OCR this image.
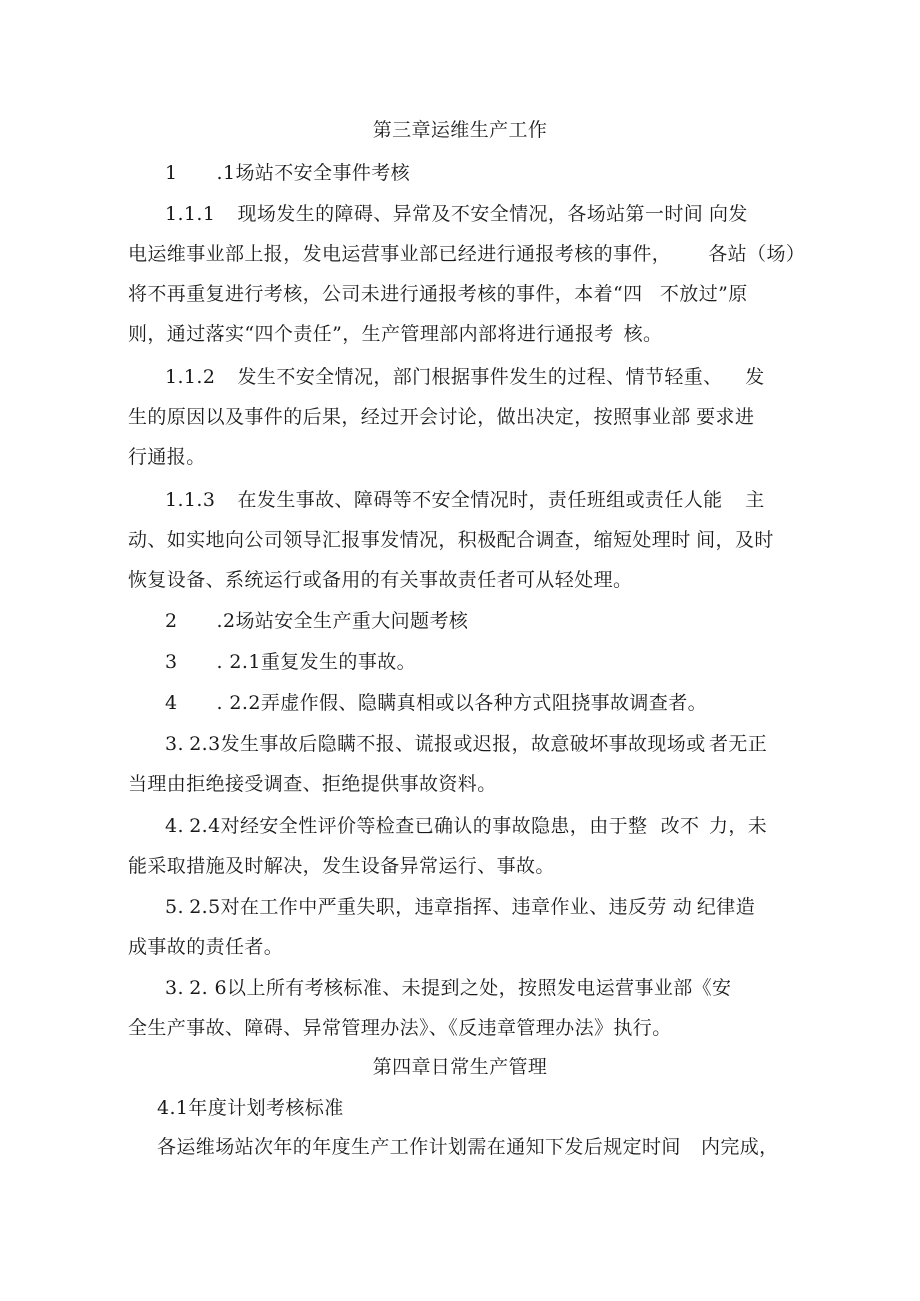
第三章运维生产工作
1	.1场站不安全事件考核
1.1.1	现场发生的障碍、异常及不安全情况，各场站第一时间	向发
电运维事业部上报，发电运营事业部已经进行通报考核的事件，	各站（场）
将不再重复进行考核，公司未进行通报考核的事件，本着“四	不放过”原
则，通过落实“四个责任”，生产管理部内部将进行通报考	核。
1.1.2	发生不安全情况，部门根据事件发生的过程、情节轻重、	发
生的原因以及事件的后果，经过开会讨论，做出决定，按照事业部	要求进
行通报。
1.1.3	在发生事故、障碍等不安全情况时，责任班组或责任人能	主
动、如实地向公司领导汇报事发情况，积极配合调查，缩短处理时	间，及时
恢复设备、系统运行或备用的有关事故责任者可从轻处理。
2	.2场站安全生产重大问题考核
3	. 2.1重复发生的事故。
4	. 2.2弄虚作假、隐瞒真相或以各种方式阻挠事故调查者。
3.	2.3发生事故后隐瞒不报、谎报或迟报，故意破坏事故现场或	者无正
当理由拒绝接受调查、拒绝提供事故资料。
4.	2.4对经安全性评价等检查已确认的事故隐患，由于整	改不	力，未
能采取措施及时解决，发生设备异常运行、事故。
5.	2.5对在工作中严重失职，违章指挥、违章作业、违反劳	动	纪律造
成事故的责任者。
3.	2. 6以上所有考核标准、未提到之处，按照发电运营事业部《安
全生产事故、障碍、异常管理办法》、《反违章管理办法》执行。
第四章日常生产管理
4.1年度计划考核标准
各运维场站次年的年度生产工作计划需在通知下发后规定时间	内完成，
